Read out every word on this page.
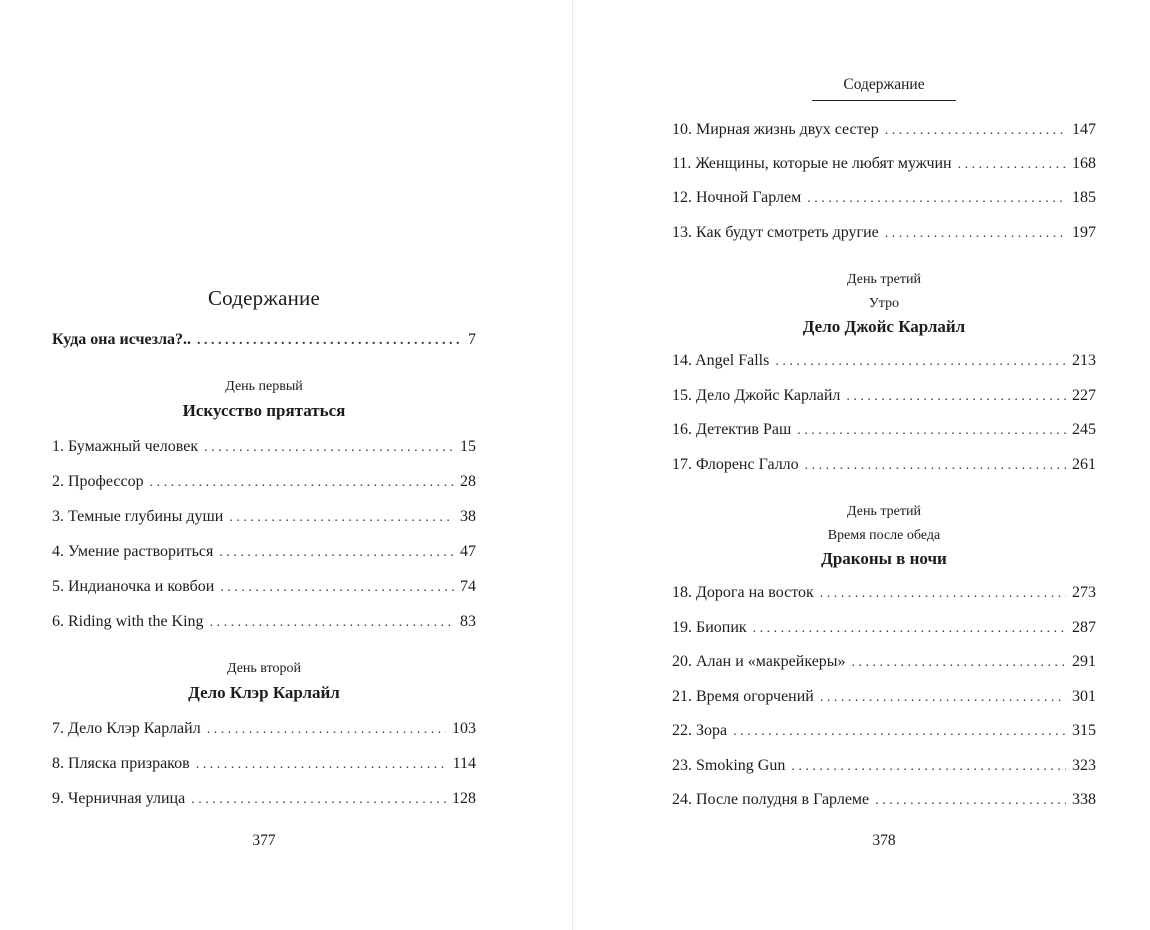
Содержание
Куда она исчезла?.. . . .	7
День первый
Искусство прятаться
1. Бумажный человек . . .	15
2. Профессор . . .	28
3. Темные глубины души . . .	38
4. Умение раствориться . . .	47
5. Индианочка и ковбои . . .	74
6. Riding with the King . . .	83
День второй
Дело Клэр Карлайл
7. Дело Клэр Карлайл . . .	103
8. Пляска призраков . . .	114
9. Черничная улица . . .	128
377
Содержание
10. Мирная жизнь двух сестер . . .	147
11. Женщины, которые не любят мужчин . . .	168
12. Ночной Гарлем . . .	185
13. Как будут смотреть другие . . .	197
День третий
Утро
Дело Джойс Карлайл
14. Angel Falls . . .	213
15. Дело Джойс Карлайл . . .	227
16. Детектив Раш . . .	245
17. Флоренс Галло . . .	261
День третий
Время после обеда
Драконы в ночи
18. Дорога на восток . . .	273
19. Биопик . . .	287
20. Алан и «макрейкеры» . . .	291
21. Время огорчений . . .	301
22. Зора . . .	315
23. Smoking Gun . . .	323
24. После полудня в Гарлеме . . .	338
378
